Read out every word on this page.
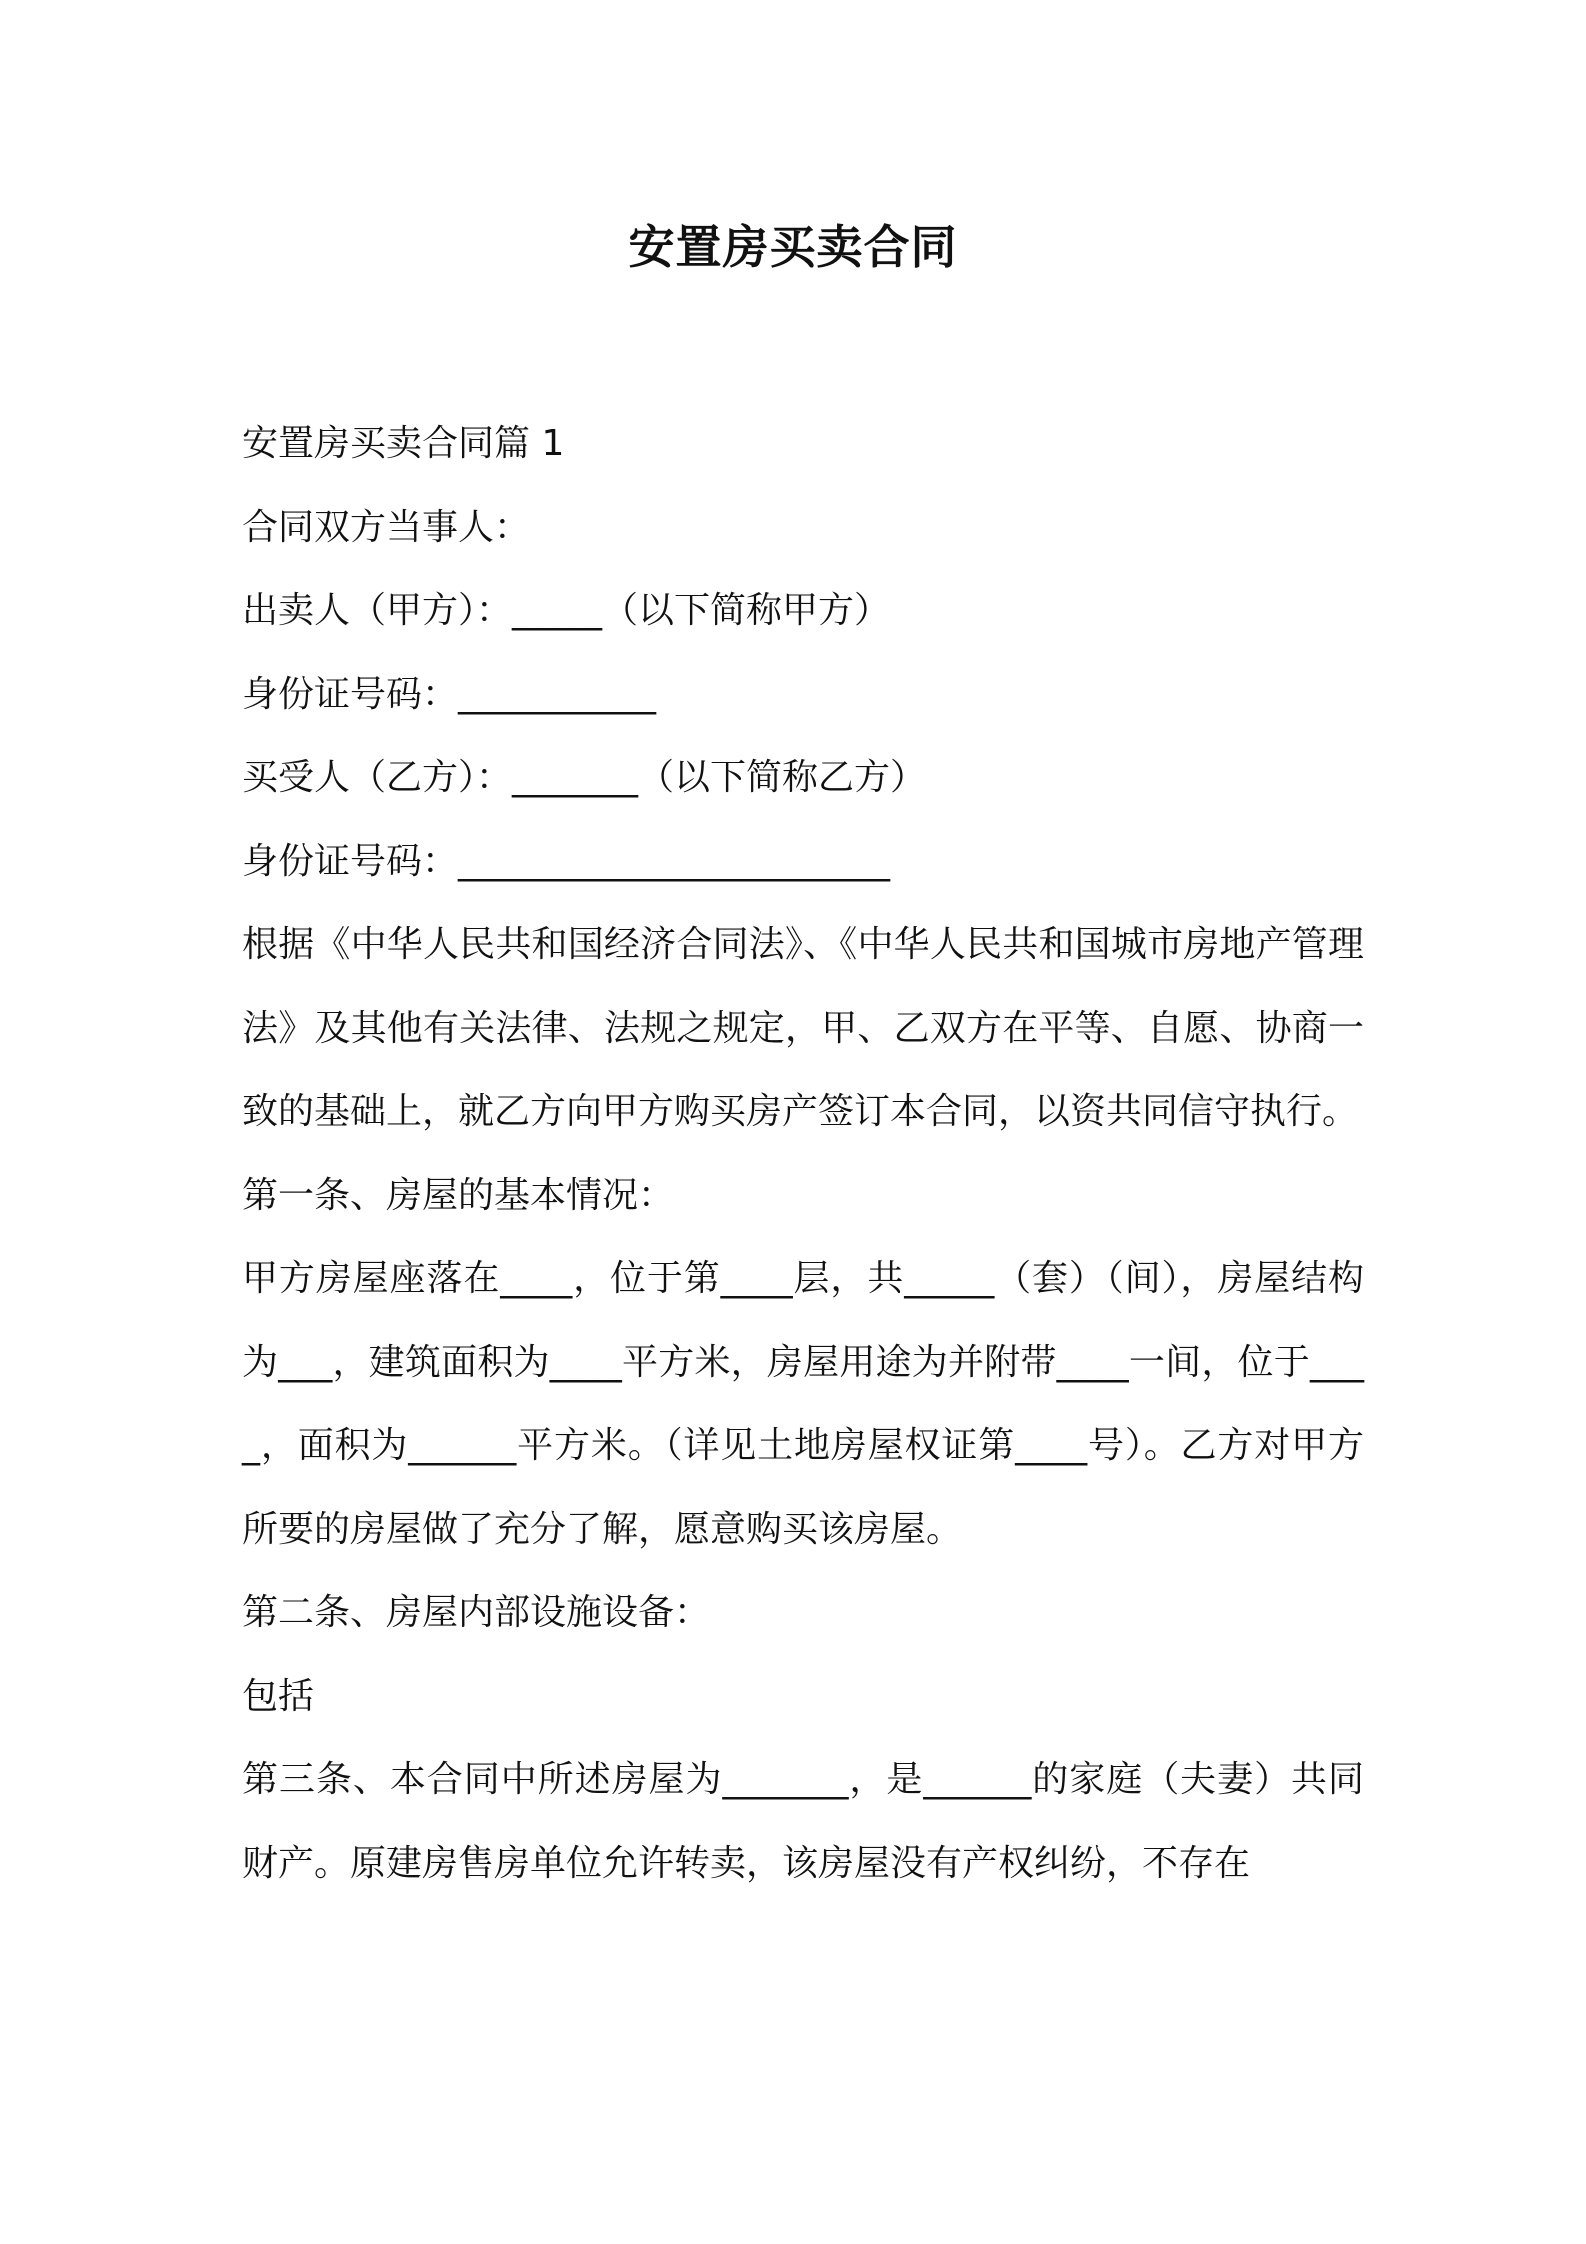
安置房买卖合同

安置房买卖合同篇 1

合同双方当事人：

出卖人（甲方）：_____（以下简称甲方）

身份证号码：___________

买受人（乙方）：_______（以下简称乙方）

身份证号码：________________________

根据《中华人民共和国经济合同法》、《中华人民共和国城市房地产管理法》及其他有关法律、法规之规定，甲、乙双方在平等、自愿、协商一致的基础上，就乙方向甲方购买房产签订本合同，以资共同信守执行。

第一条、房屋的基本情况：

甲方房屋座落在____，位于第____层，共_____（套）（间），房屋结构为___，建筑面积为____平方米，房屋用途为并附带____一间，位于____，面积为______平方米。（详见土地房屋权证第____号）。乙方对甲方所要的房屋做了充分了解，愿意购买该房屋。

第二条、房屋内部设施设备：

包括

第三条、本合同中所述房屋为_______，是______的家庭（夫妻）共同财产。原建房售房单位允许转卖，该房屋没有产权纠纷，不存在
